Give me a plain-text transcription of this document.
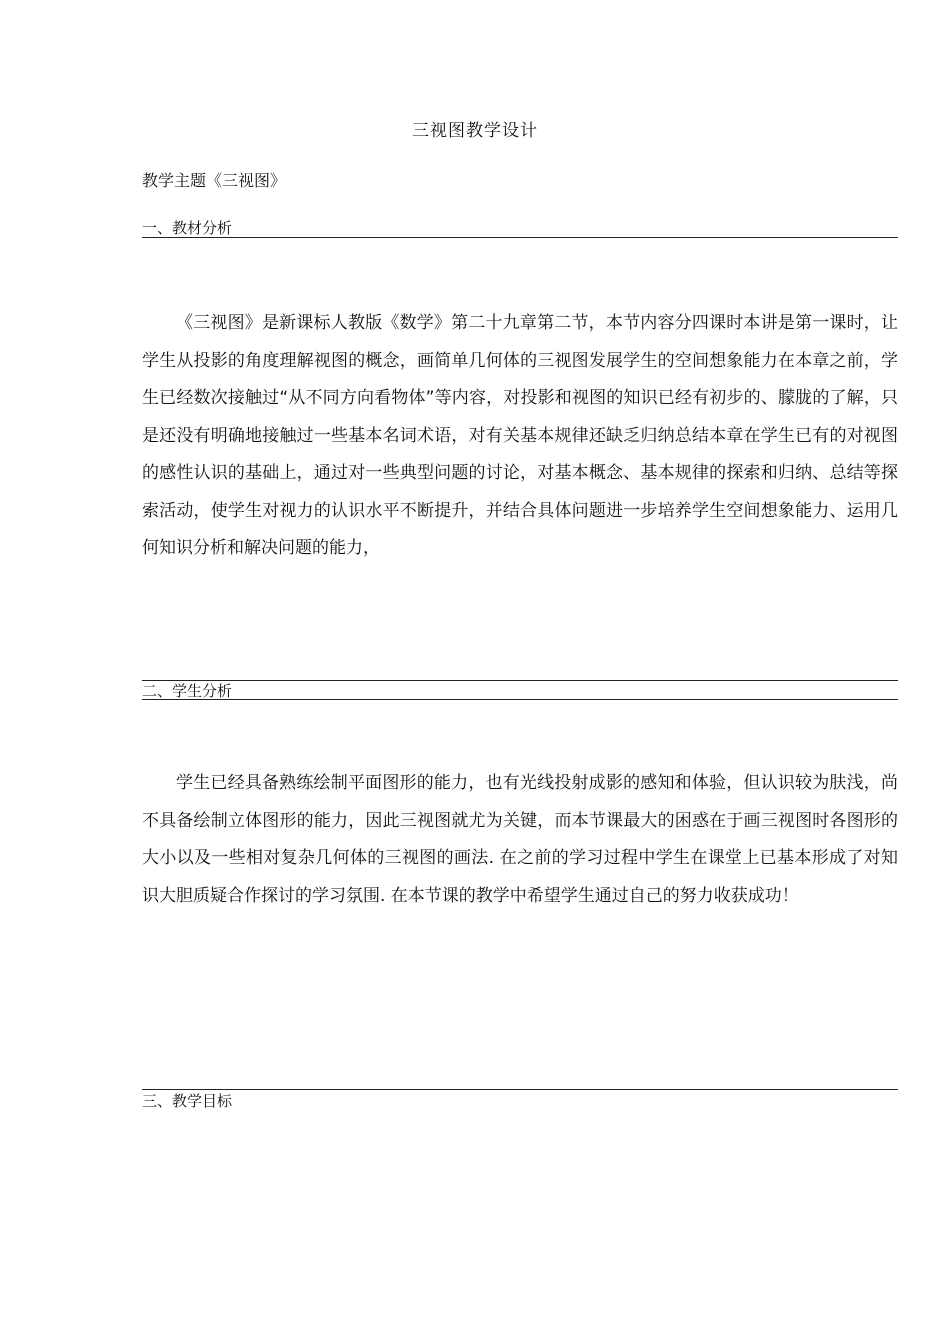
三视图教学设计
教学主题《三视图》
一、教材分析

《三视图》是新课标人教版《数学》第二十九章第二节，本节内容分四课时本讲是第一课时，让学生从投影的角度理解视图的概念，画简单几何体的三视图发展学生的空间想象能力在本章之前，学生已经数次接触过“从不同方向看物体”等内容，对投影和视图的知识已经有初步的、朦胧的了解，只是还没有明确地接触过一些基本名词术语，对有关基本规律还缺乏归纳总结本章在学生已有的对视图的感性认识的基础上，通过对一些典型问题的讨论，对基本概念、基本规律的探索和归纳、总结等探索活动，使学生对视力的认识水平不断提升，并结合具体问题进一步培养学生空间想象能力、运用几何知识分析和解决问题的能力，

二、学生分析

学生已经具备熟练绘制平面图形的能力，也有光线投射成影的感知和体验，但认识较为肤浅，尚不具备绘制立体图形的能力，因此三视图就尤为关键，而本节课最大的困惑在于画三视图时各图形的大小以及一些相对复杂几何体的三视图的画法. 在之前的学习过程中学生在课堂上已基本形成了对知识大胆质疑合作探讨的学习氛围. 在本节课的教学中希望学生通过自己的努力收获成功！

三、教学目标
